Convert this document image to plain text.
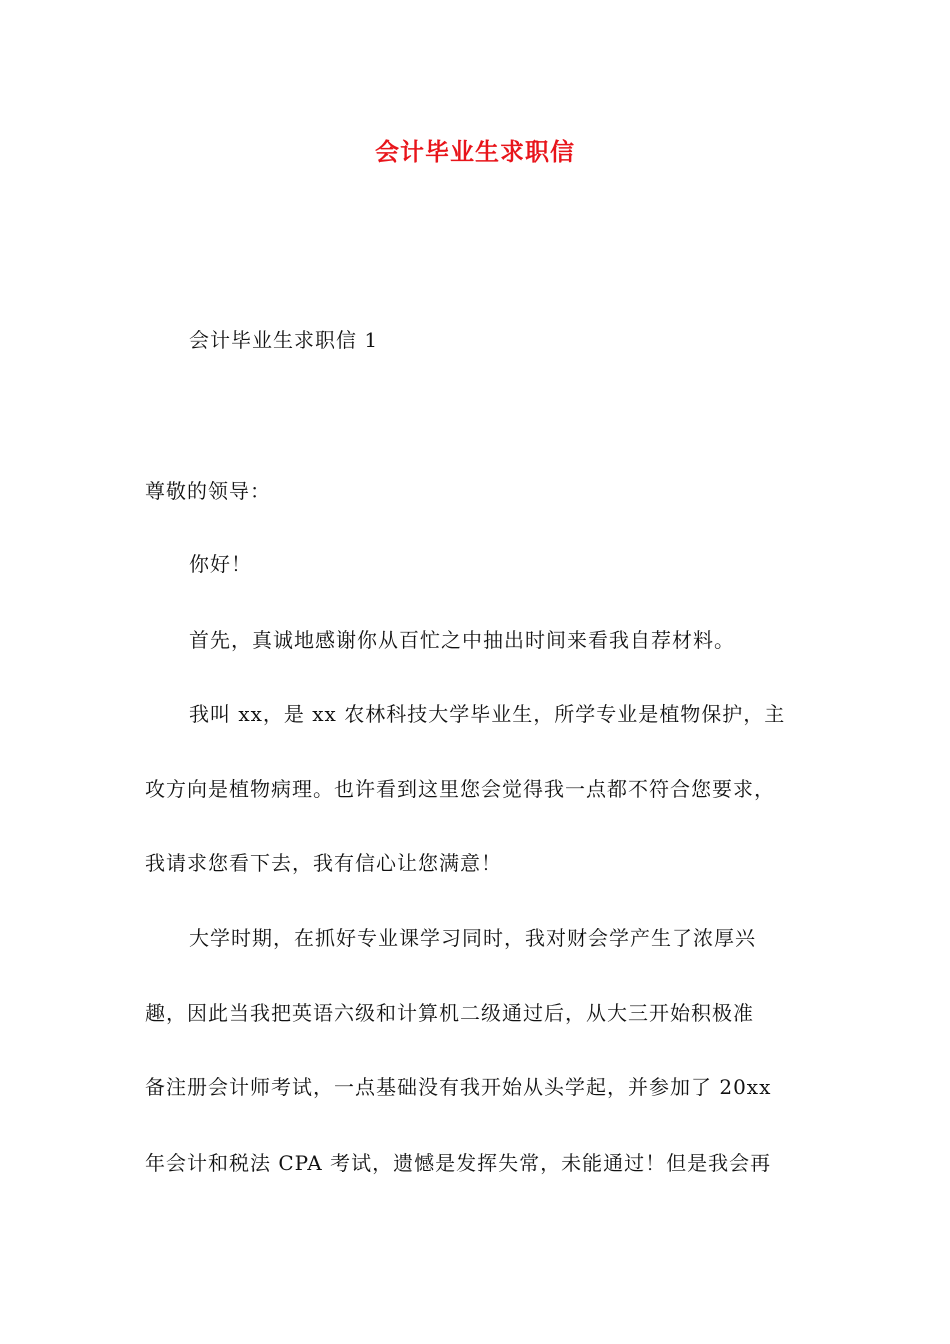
会计毕业生求职信
会计毕业生求职信 1
尊敬的领导：
你好！
首先，真诚地感谢你从百忙之中抽出时间来看我自荐材料。
我叫 xx，是 xx 农林科技大学毕业生，所学专业是植物保护，主
攻方向是植物病理。也许看到这里您会觉得我一点都不符合您要求，
我请求您看下去，我有信心让您满意！
大学时期，在抓好专业课学习同时，我对财会学产生了浓厚兴
趣，因此当我把英语六级和计算机二级通过后，从大三开始积极准
备注册会计师考试，一点基础没有我开始从头学起，并参加了 20xx
年会计和税法 CPA 考试，遗憾是发挥失常，未能通过！但是我会再
